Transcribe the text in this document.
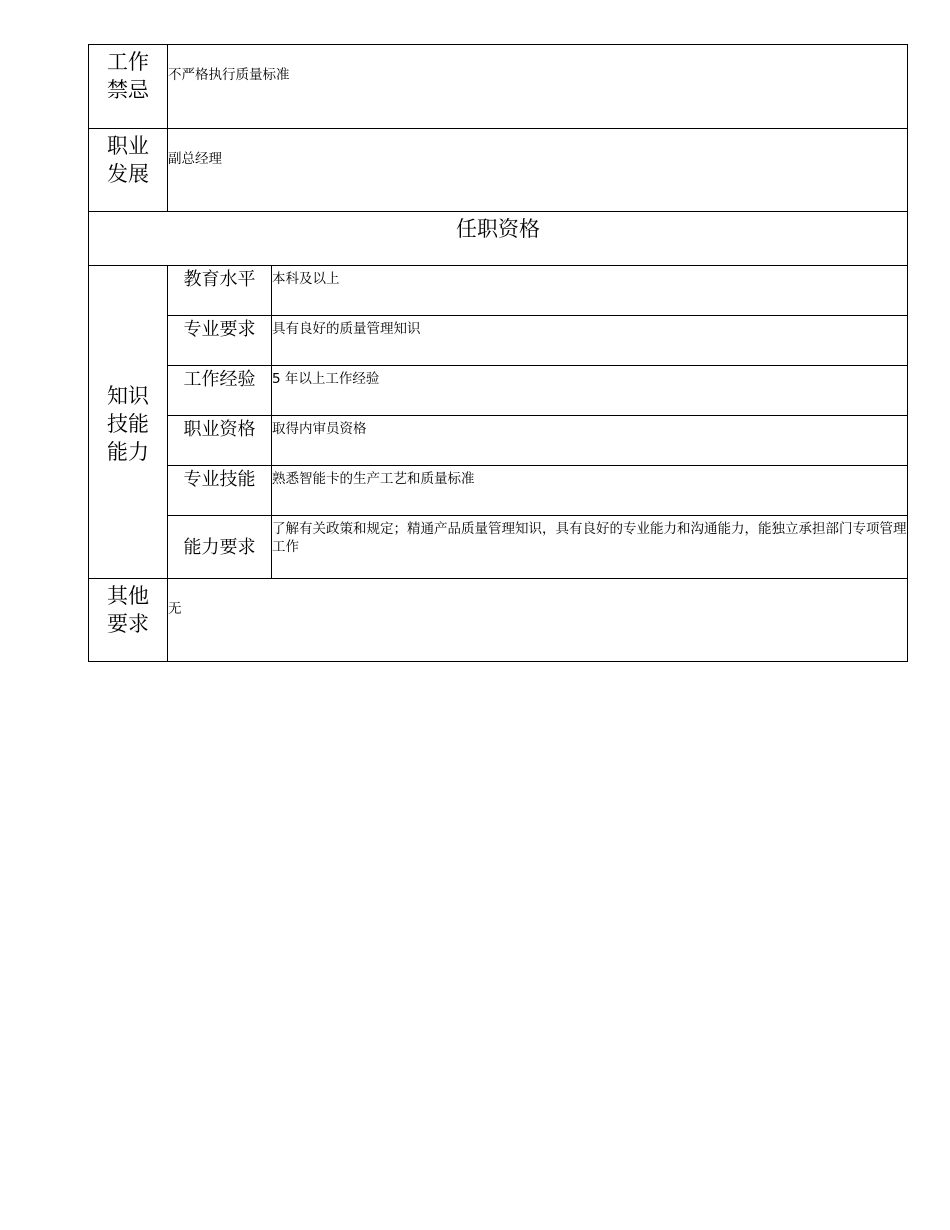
工作
禁忌	不严格执行质量标准	

职业
发展	副总经理	
任职资格		

知识
技能
能力	教育水平	本科及以上
	专业要求	具有良好的质量管理知识
	工作经验	5 年以上工作经验
	职业资格	取得内审员资格
	专业技能	熟悉智能卡的生产工艺和质量标准
	能力要求	了解有关政策和规定；精通产品质量管理知识，具有良好的专业能力和沟通能力，能独立承担部门专项管理工作

其他
要求	无	
